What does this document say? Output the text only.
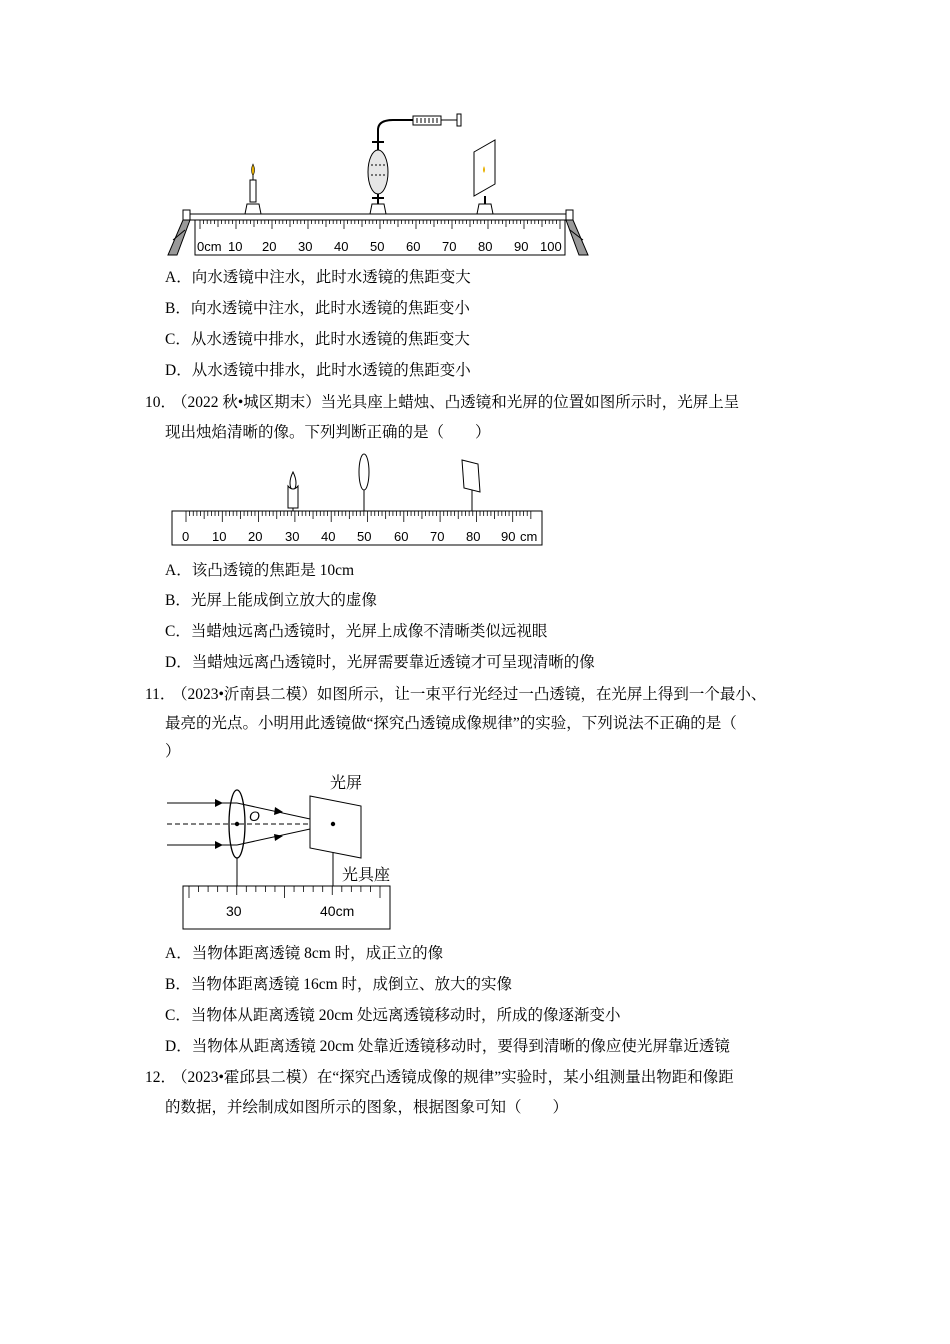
0cm 10 20 30 40 50 60 70 80 90 100
A．向水透镜中注水，此时水透镜的焦距变大
B．向水透镜中注水，此时水透镜的焦距变小
C．从水透镜中排水，此时水透镜的焦距变大
D．从水透镜中排水，此时水透镜的焦距变小
10．
（2022 秋•城区期末）当光具座上蜡烛、凸透镜和光屏的位置如图所示时，光屏上呈
现出烛焰清晰的像。下列判断正确的是（　　）
0 10 20 30 40 50 60 70 80 90 cm
A．该凸透镜的焦距是 10cm
B．光屏上能成倒立放大的虚像
C．当蜡烛远离凸透镜时，光屏上成像不清晰类似远视眼
D．当蜡烛远离凸透镜时，光屏需要靠近透镜才可呈现清晰的像
11．
（2023•沂南县二模）如图所示，让一束平行光经过一凸透镜，在光屏上得到一个最小、
最亮的光点。小明用此透镜做“探究凸透镜成像规律”的实验，下列说法不正确的是（
）
光屏
光具座
O
30	40cm
A．当物体距离透镜 8cm 时，成正立的像
B．当物体距离透镜 16cm 时，成倒立、放大的实像
C．当物体从距离透镜 20cm 处远离透镜移动时，所成的像逐渐变小
D．当物体从距离透镜 20cm 处靠近透镜移动时，要得到清晰的像应使光屏靠近透镜
12．
（2023•霍邱县二模）在“探究凸透镜成像的规律”实验时，某小组测量出物距和像距
的数据，并绘制成如图所示的图象，根据图象可知（　　）
